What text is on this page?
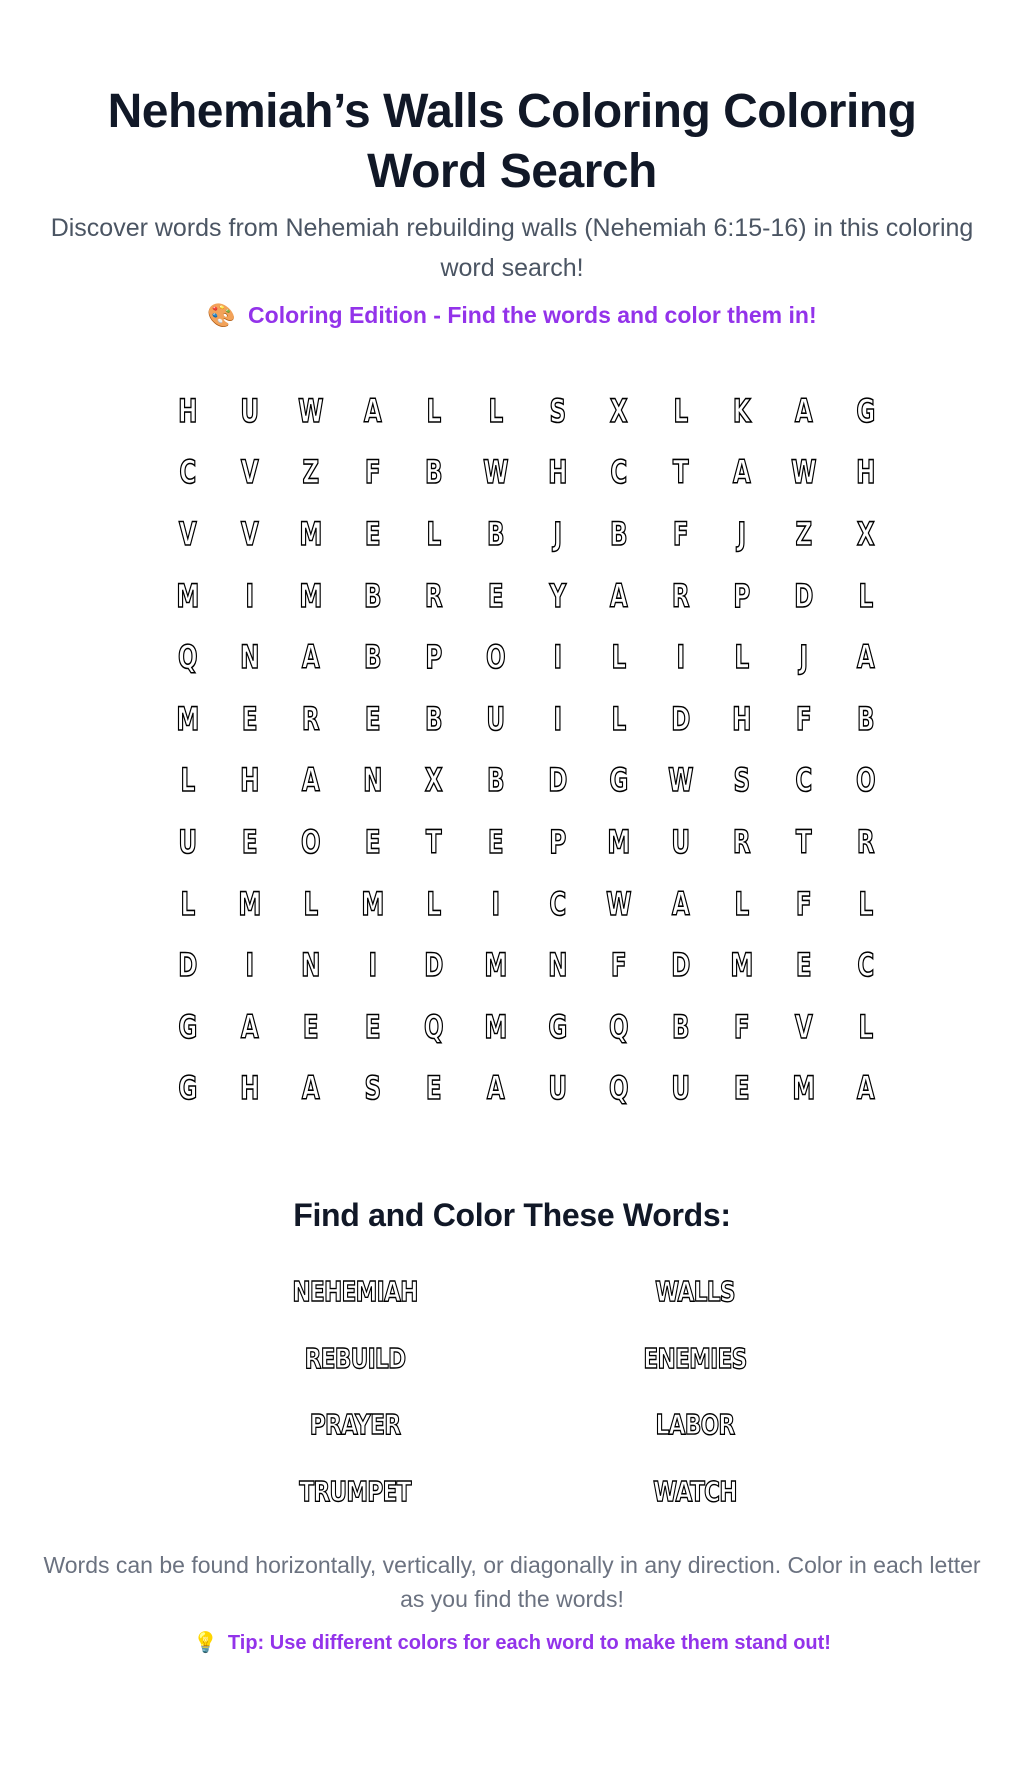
Nehemiah’s Walls Coloring Coloring Word Search

Discover words from Nehemiah rebuilding walls (Nehemiah 6:15-16) in this coloring word search!

🎨 Coloring Edition - Find the words and color them in!
H	U	W	A	L	L	S	X	L	K	A	G
C	V	Z	F	B	W	H	C	T	A	W	H
V	V	M	E	L	B	J	B	F	J	Z	X
M	I	M	B	R	E	Y	A	R	P	D	L
Q	N	A	B	P	O	I	L	I	L	J	A
M	E	R	E	B	U	I	L	D	H	F	B
L	H	A	N	X	B	D	G	W	S	C	O
U	E	O	E	T	E	P	M	U	R	T	R
L	M	L	M	L	I	C	W	A	L	F	L
D	I	N	I	D	M	N	F	D	M	E	C
G	A	E	E	Q	M	G	Q	B	F	V	L
G	H	A	S	E	A	U	Q	U	E	M	A
Find and Color These Words:
NEHEMIAH	WALLS
REBUILD	ENEMIES
PRAYER	LABOR
TRUMPET	WATCH

Words can be found horizontally, vertically, or diagonally in any direction. Color in each letter as you find the words!

💡 Tip: Use different colors for each word to make them stand out!
